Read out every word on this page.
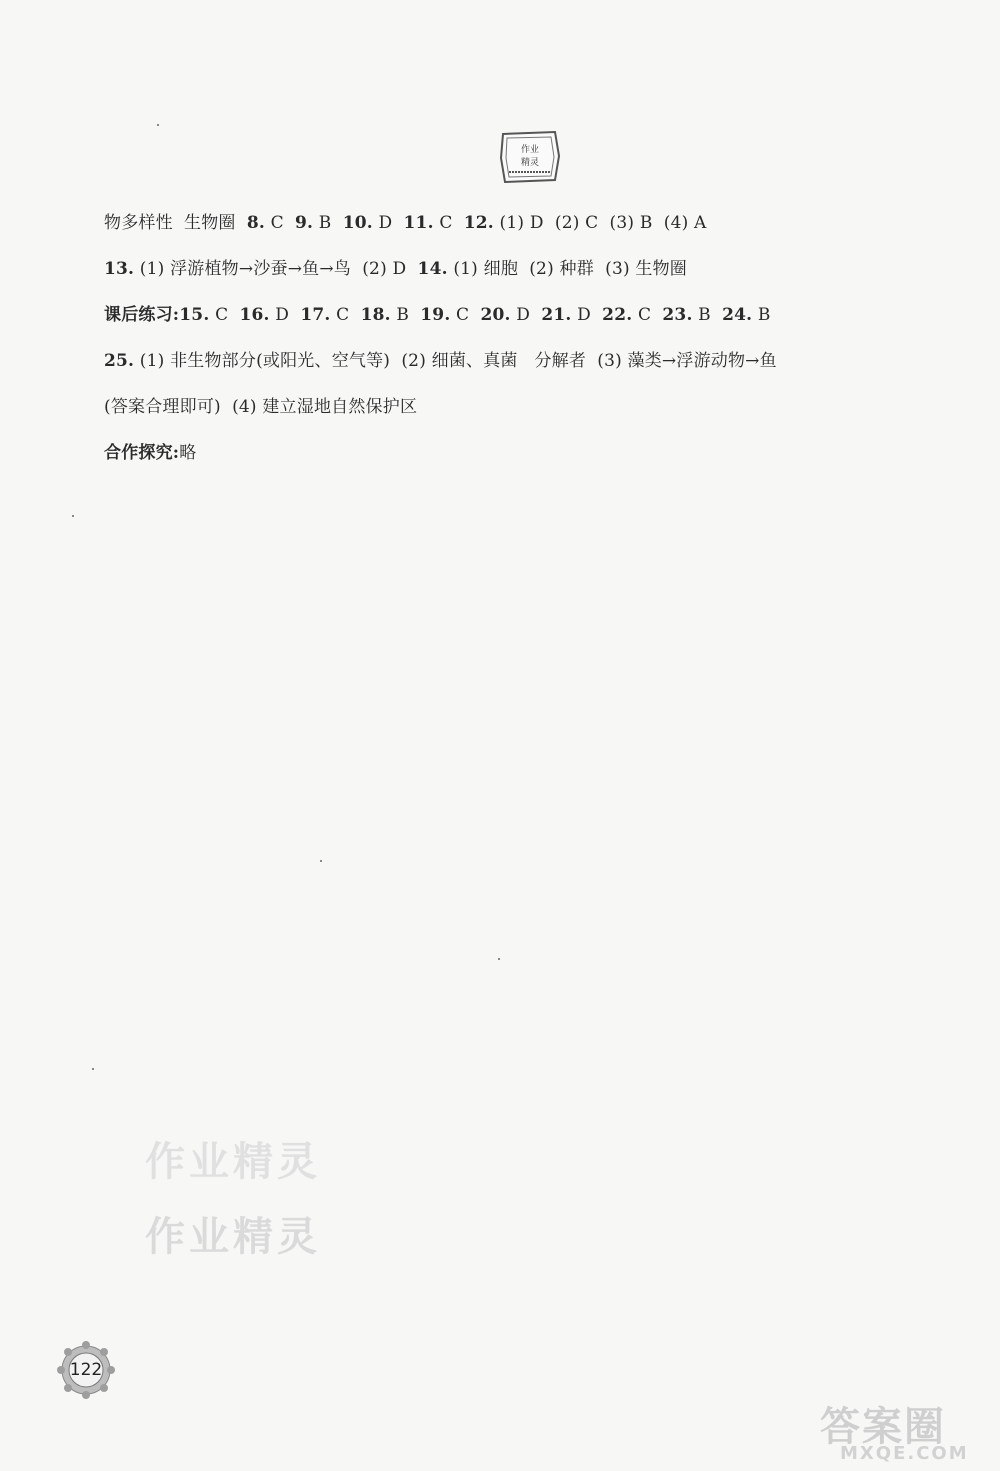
作业
精灵
物多样性  生物圈  8. C  9. B  10. D  11. C  12. (1) D  (2) C  (3) B  (4) A
13. (1) 浮游植物→沙蚕→鱼→鸟  (2) D  14. (1) 细胞  (2) 种群  (3) 生物圈
课后练习:15. C  16. D  17. C  18. B  19. C  20. D  21. D  22. C  23. B  24. B
25. (1) 非生物部分(或阳光、空气等)  (2) 细菌、真菌   分解者  (3) 藻类→浮游动物→鱼
(答案合理即可)  (4) 建立湿地自然保护区
合作探究:略
作业精灵
作业精灵
122
答案圈
MXQE.COM
